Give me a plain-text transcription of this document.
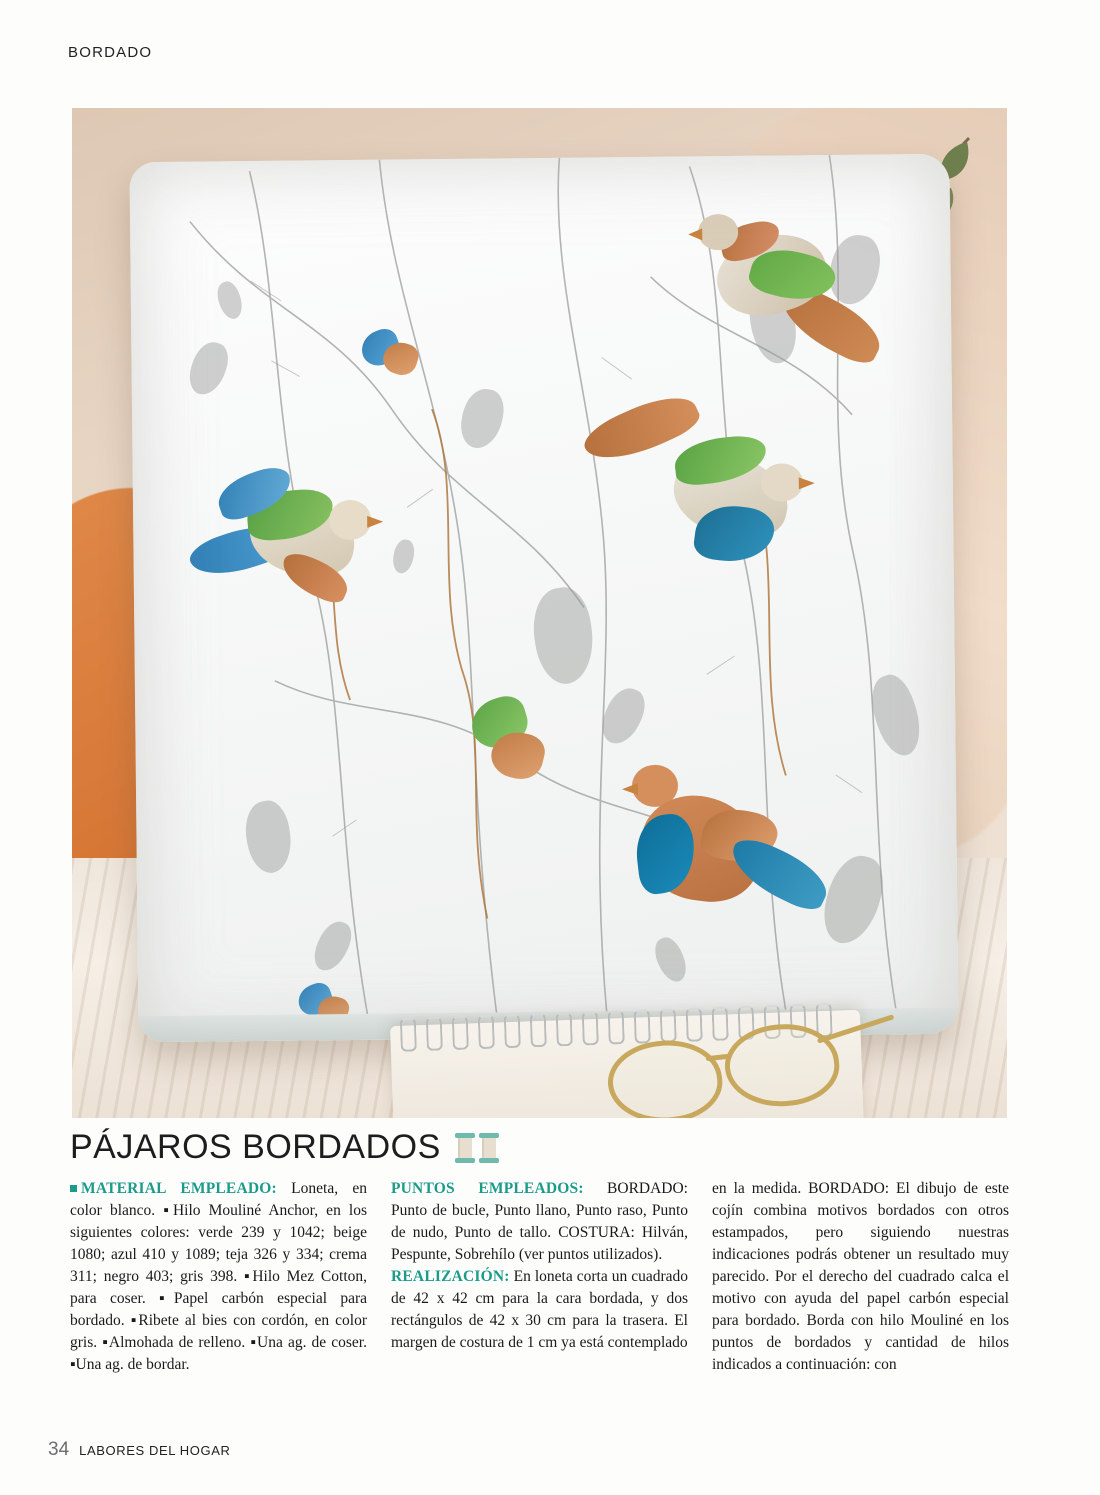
BORDADO
PÁJAROS BORDADOS

MATERIAL EMPLEADO: Loneta, en color blanco. ▪Hilo Mouliné Anchor, en los siguientes colores: verde 239 y 1042; beige 1080; azul 410 y 1089; teja 326 y 334; crema 311; negro 403; gris 398. ▪Hilo Mez Cotton, para coser. ▪Papel carbón especial para bordado. ▪Ribete al bies con cordón, en color gris. ▪Almohada de relleno. ▪Una ag. de coser. ▪Una ag. de bordar.

PUNTOS EMPLEADOS: BORDADO: Punto de bucle, Punto llano, Punto raso, Punto de nudo, Punto de tallo. COSTURA: Hilván, Pespunte, Sobrehílo (ver puntos utilizados).

REALIZACIÓN: En loneta corta un cuadrado de 42 x 42 cm para la cara bordada, y dos rectángulos de 42 x 30 cm para la trasera. El margen de costura de 1 cm ya está contemplado

en la medida. BORDADO: El dibujo de este cojín combina motivos bordados con otros estampados, pero siguiendo nuestras indicaciones podrás obtener un resultado muy parecido. Por el derecho del cuadrado calca el motivo con ayuda del papel carbón especial para bordado. Borda con hilo Mouliné en los puntos de bordados y cantidad de hilos indicados a continuación: con

34 LABORES DEL HOGAR
